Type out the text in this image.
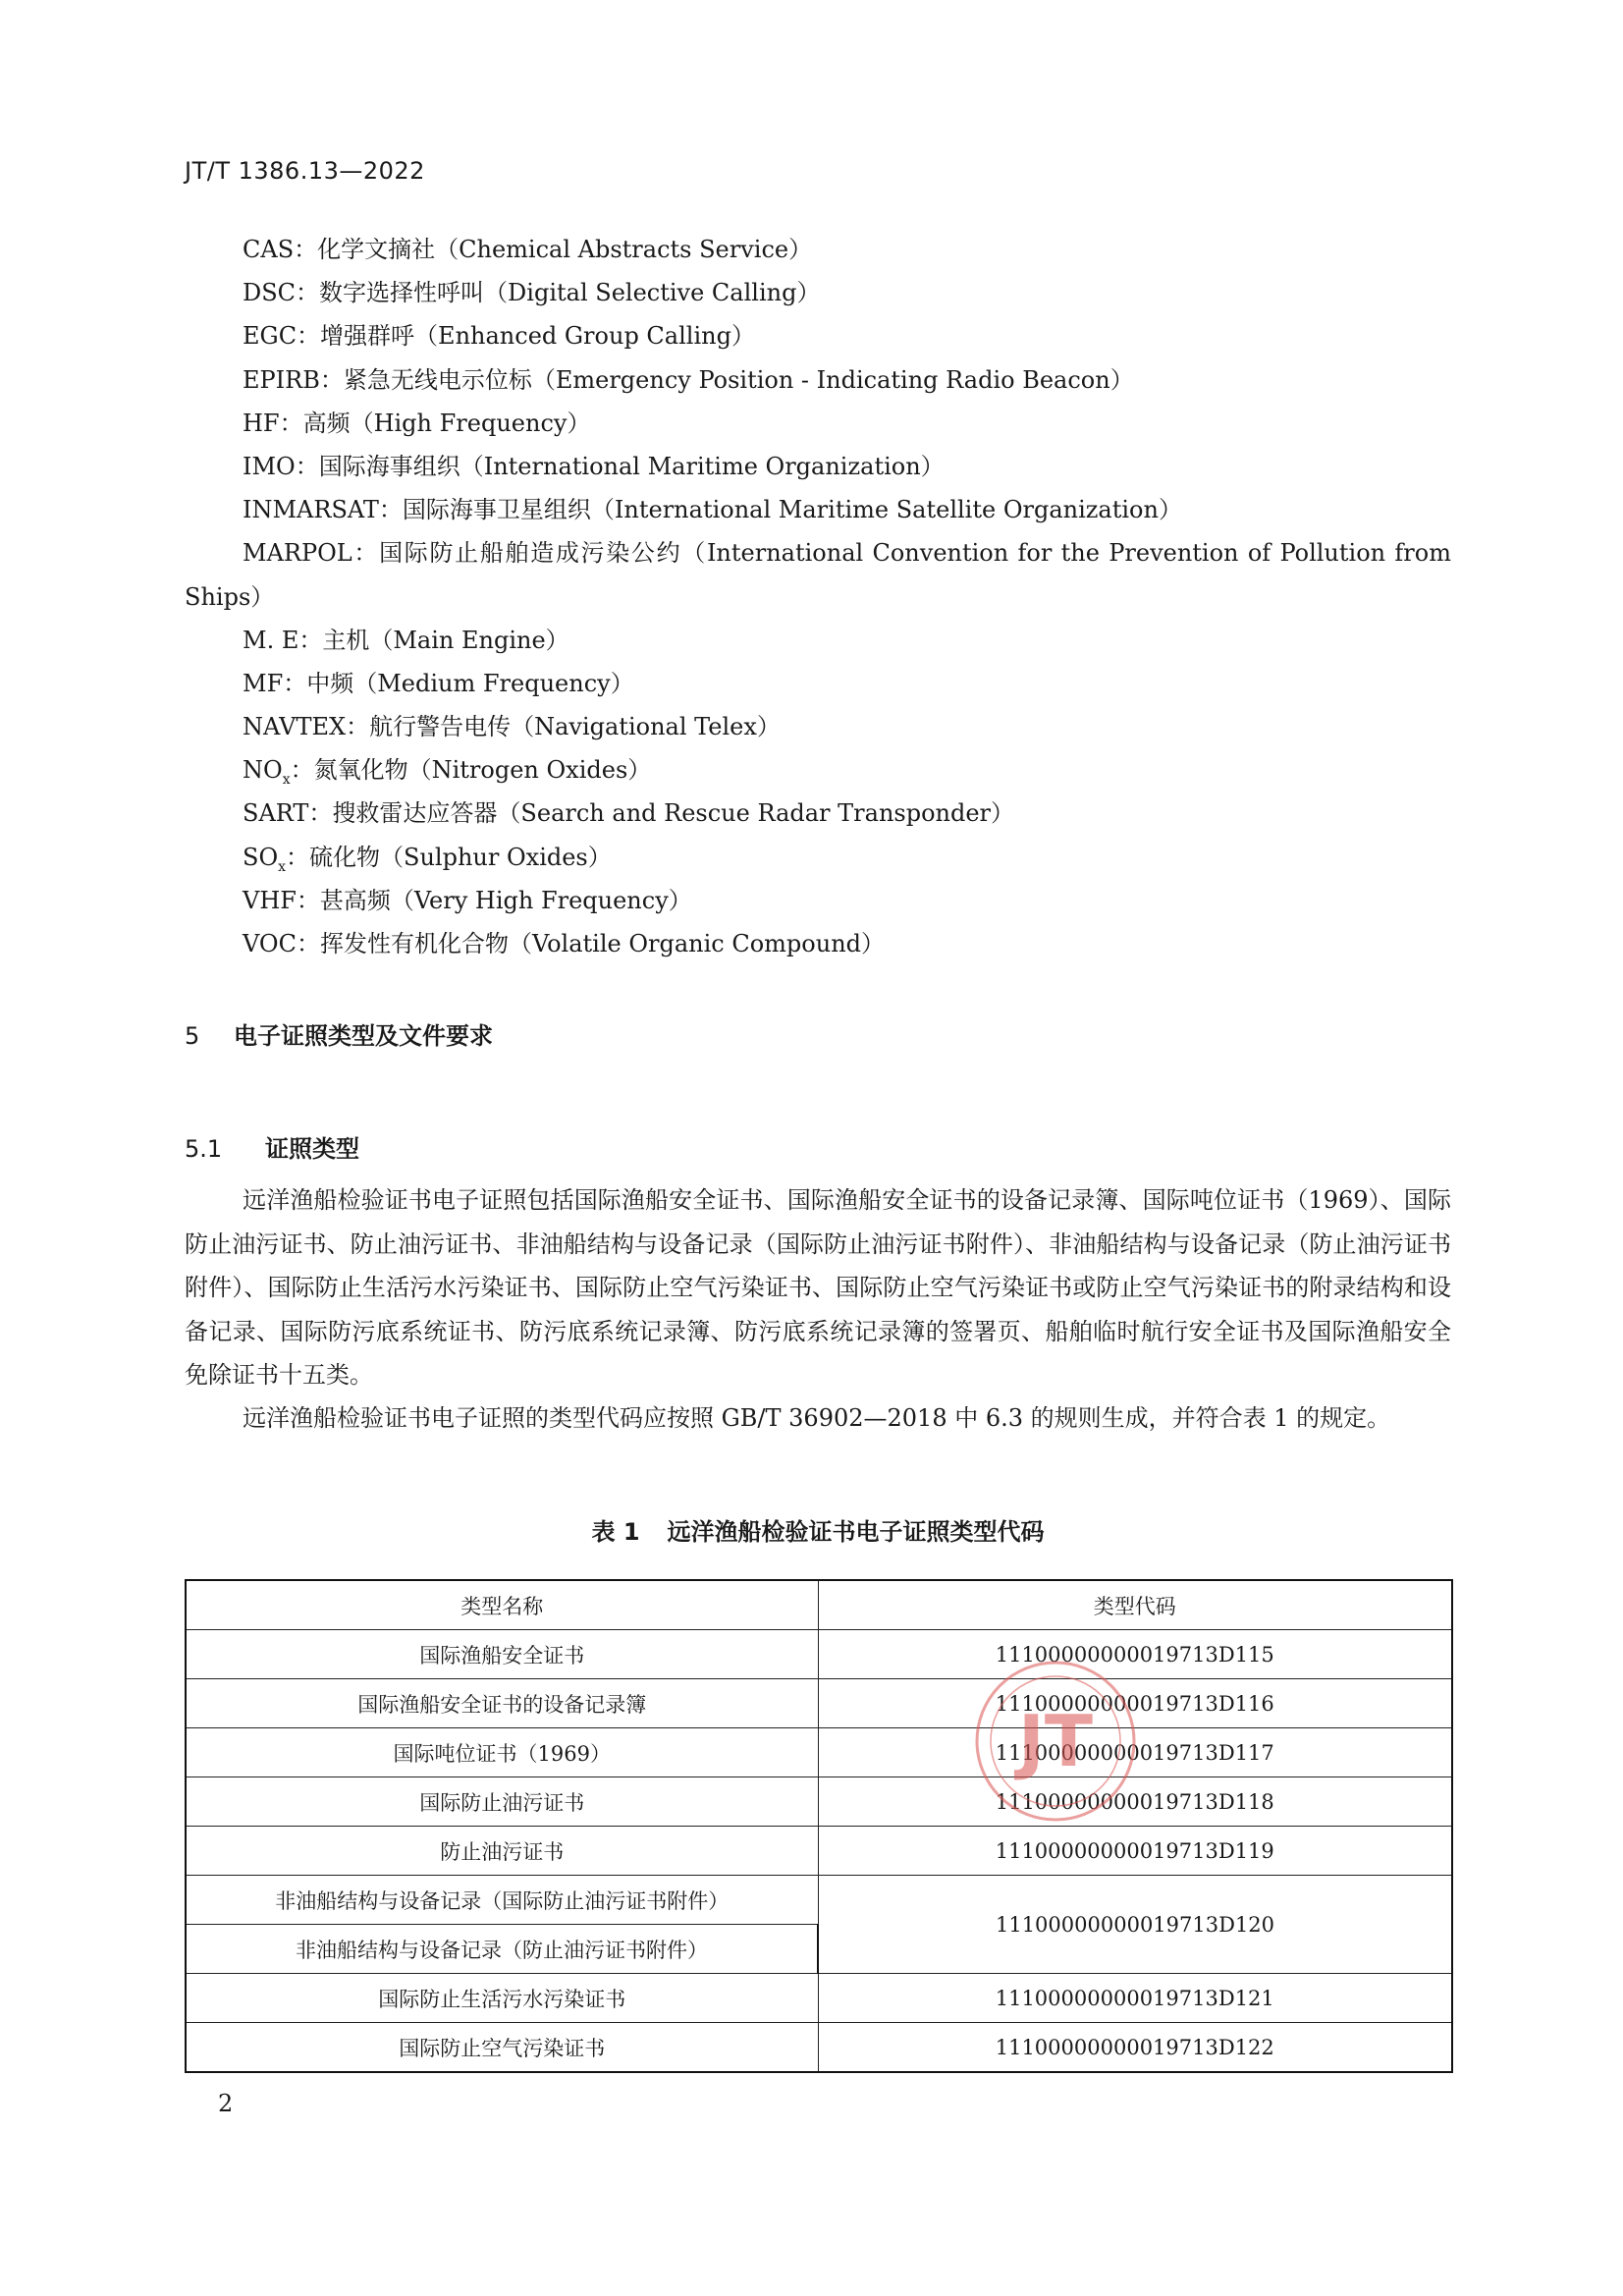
JT/T 1386.13—2022
CAS：化学文摘社（Chemical Abstracts Service）
DSC：数字选择性呼叫（Digital Selective Calling）
EGC：增强群呼（Enhanced Group Calling）
EPIRB：紧急无线电示位标（Emergency Position - Indicating Radio Beacon）
HF：高频（High Frequency）
IMO：国际海事组织（International Maritime Organization）
INMARSAT：国际海事卫星组织（International Maritime Satellite Organization）
MARPOL：国际防止船舶造成污染公约（International Convention for the Prevention of Pollution from Ships）
M. E：主机（Main Engine）
MF：中频（Medium Frequency）
NAVTEX：航行警告电传（Navigational Telex）
$NO_x$：氮氧化物（Nitrogen Oxides）
SART：搜救雷达应答器（Search and Rescue Radar Transponder）
$SO_x$：硫化物（Sulphur Oxides）
VHF：甚高频（Very High Frequency）
VOC：挥发性有机化合物（Volatile Organic Compound）
5 电子证照类型及文件要求
5.1 证照类型
远洋渔船检验证书电子证照包括国际渔船安全证书、国际渔船安全证书的设备记录簿、国际吨位证书（1969）、国际防止油污证书、防止油污证书、非油船结构与设备记录（国际防止油污证书附件）、非油船结构与设备记录（防止油污证书附件）、国际防止生活污水污染证书、国际防止空气污染证书、国际防止空气污染证书或防止空气污染证书的附录结构和设备记录、国际防污底系统证书、防污底系统记录簿、防污底系统记录簿的签署页、船舶临时航行安全证书及国际渔船安全免除证书十五类。
远洋渔船检验证书电子证照的类型代码应按照 GB/T 36902—2018 中 6.3 的规则生成，并符合表 1 的规定。
表 1 远洋渔船检验证书电子证照类型代码
类型名称	类型代码
国际渔船安全证书	11100000000019713D115
国际渔船安全证书的设备记录簿	11100000000019713D116
国际吨位证书（1969）	11100000000019713D117
国际防止油污证书	11100000000019713D118
防止油污证书	11100000000019713D119
非油船结构与设备记录（国际防止油污证书附件）	11100000000019713D120
非油船结构与设备记录（防止油污证书附件）	
国际防止生活污水污染证书	11100000000019713D121
国际防止空气污染证书	11100000000019713D122
JT
2
